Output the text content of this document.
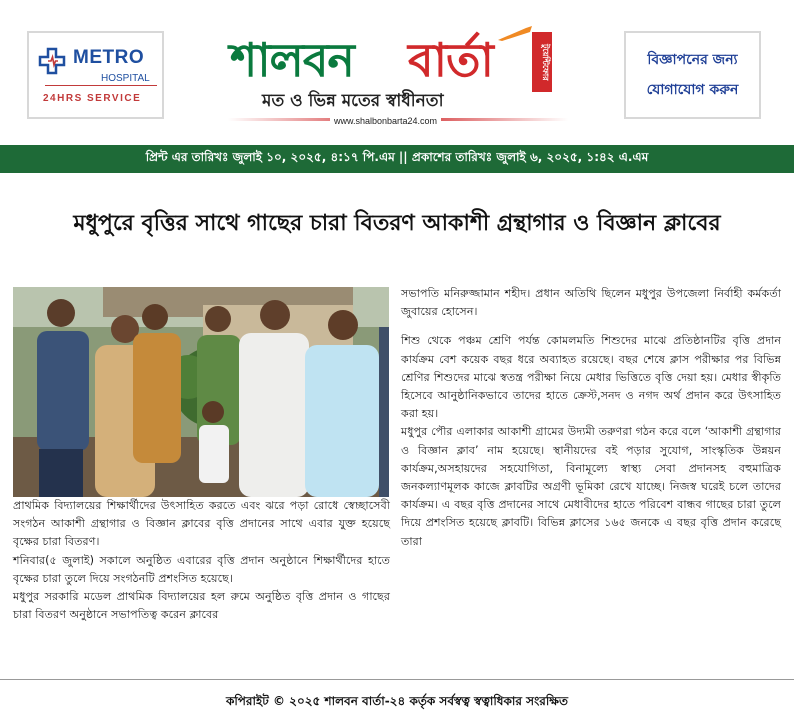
METRO
HOSPITAL
24HRS SERVICE
শালবন বার্তা	টুয়েন্টিফোর
মত ও ভিন্ন মতের স্বাধীনতা
www.shalbonbarta24.com
বিজ্ঞাপনের জন্য
যোগাযোগ করুন
প্রিন্ট এর তারিখঃ জুলাই ১০, ২০২৫, ৪:১৭ পি.এম || প্রকাশের তারিখঃ জুলাই ৬, ২০২৫, ১:৪২ এ.এম
মধুপুরে বৃত্তির সাথে গাছের চারা বিতরণ আকাশী গ্রন্থাগার ও বিজ্ঞান ক্লাবের

প্রাথমিক বিদ্যালয়ের শিক্ষার্থীদের উৎসাহিত করতে এবং ঝরে পড়া রোধে স্বেচ্ছাসেবী সংগঠন আকাশী গ্রন্থাগার ও বিজ্ঞান ক্লাবের বৃত্তি প্রদানের সাথে এবার যুক্ত হয়েছে বৃক্ষের চারা বিতরণ।

শনিবার(৫ জুলাই) সকালে অনুষ্ঠিত এবারের বৃত্তি প্রদান অনুষ্ঠানে শিক্ষার্থীদের হাতে বৃক্ষের চারা তুলে দিয়ে সংগঠনটি প্রশংসিত হয়েছে।

মধুপুর সরকারি মডেল প্রাথমিক বিদ্যালয়ের হল রুমে অনুষ্ঠিত বৃত্তি প্রদান ও গাছের চারা বিতরণ অনুষ্ঠানে সভাপতিত্ব করেন ক্লাবের

সভাপতি মনিরুজ্জামান শহীদ। প্রধান অতিথি ছিলেন মধুপুর উপজেলা নির্বাহী কর্মকর্তা জুবায়ের হোসেন।

শিশু থেকে পঞ্চম শ্রেণি পর্যন্ত কোমলমতি শিশুদের মাঝে প্রতিষ্ঠানটির বৃত্তি প্রদান কার্যক্রম বেশ কয়েক বছর ধরে অব্যাহত রয়েছে। বছর শেষে ক্লাস পরীক্ষার পর বিভিন্ন শ্রেণির শিশুদের মাঝে স্বতন্ত্র পরীক্ষা নিয়ে মেধার ভিত্তিতে বৃত্তি দেয়া হয়। মেধার স্বীকৃতি হিসেবে আনুষ্ঠানিকভাবে তাদের হাতে ক্রেস্ট,সনদ ও নগদ অর্থ প্রদান করে উৎসাহিত করা হয়।

মধুপুর পৌর এলাকার আকাশী গ্রামের উদ্যমী তরুণরা গঠন করে বলে ‘আকাশী গ্রন্থাগার ও বিজ্ঞান ক্লাব’ নাম হয়েছে। স্থানীয়দের বই পড়ার সুযোগ, সাংস্কৃতিক উন্নয়ন কার্যক্রম,অসহায়দের সহযোগিতা, বিনামূল্যে স্বাস্থ্য সেবা প্রদানসহ বহুমাত্রিক জনকল্যাণমূলক কাজে ক্লাবটির অগ্রণী ভূমিকা রেখে যাচ্ছে। নিজস্ব ঘরেই চলে তাদের কার্যক্রম। এ বছর বৃত্তি প্রদানের সাথে মেধাবীদের হাতে পরিবেশ বান্ধব গাছের চারা তুলে দিয়ে প্রশংসিত হয়েছে ক্লাবটি। বিভিন্ন ক্লাসের ১৬৫ জনকে এ বছর বৃত্তি প্রদান করেছে তারা

কপিরাইট © ২০২৫ শালবন বার্তা-২৪ কর্তৃক সর্বস্বত্ব স্বত্বাধিকার সংরক্ষিত
